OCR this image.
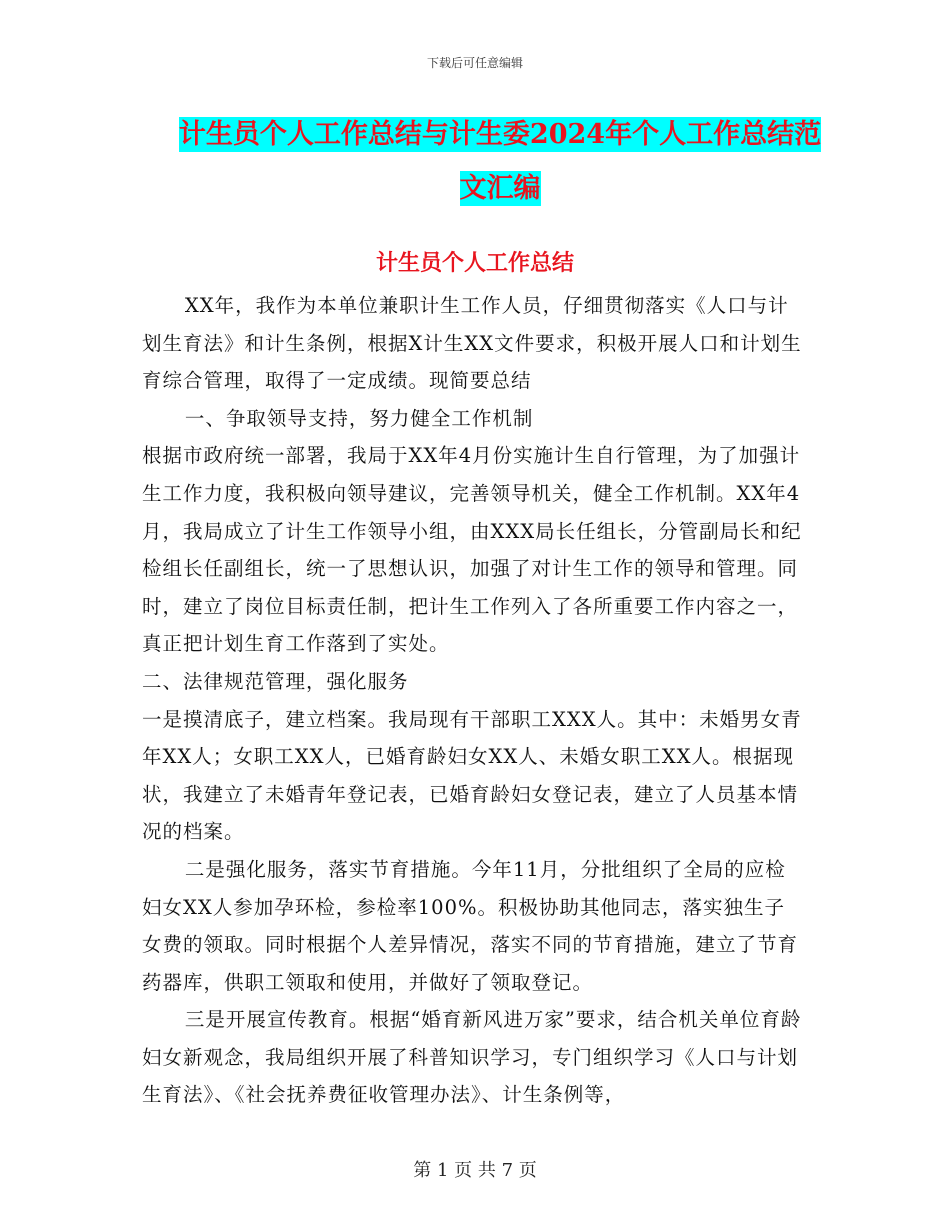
下载后可任意编辑
计生员个人工作总结与计生委2024年个人工作总结范
文汇编
计生员个人工作总结

XX年，我作为本单位兼职计生工作人员，仔细贯彻落实《人口与计划生育法》和计生条例，根据X计生XX文件要求，积极开展人口和计划生育综合管理，取得了一定成绩。现简要总结

一、争取领导支持，努力健全工作机制

根据市政府统一部署，我局于XX年4月份实施计生自行管理，为了加强计生工作力度，我积极向领导建议，完善领导机关，健全工作机制。XX年4月，我局成立了计生工作领导小组，由XXX局长任组长，分管副局长和纪检组长任副组长，统一了思想认识，加强了对计生工作的领导和管理。同时，建立了岗位目标责任制，把计生工作列入了各所重要工作内容之一，真正把计划生育工作落到了实处。

二、法律规范管理，强化服务

一是摸清底子，建立档案。我局现有干部职工XXX人。其中：未婚男女青年XX人；女职工XX人，已婚育龄妇女XX人、未婚女职工XX人。根据现状，我建立了未婚青年登记表，已婚育龄妇女登记表，建立了人员基本情况的档案。

二是强化服务，落实节育措施。今年11月，分批组织了全局的应检妇女XX人参加孕环检，参检率100%。积极协助其他同志，落实独生子女费的领取。同时根据个人差异情况，落实不同的节育措施，建立了节育药器库，供职工领取和使用，并做好了领取登记。

三是开展宣传教育。根据“婚育新风进万家”要求，结合机关单位育龄妇女新观念，我局组织开展了科普知识学习，专门组织学习《人口与计划生育法》、《社会抚养费征收管理办法》、计生条例等，

第 1 页 共 7 页
